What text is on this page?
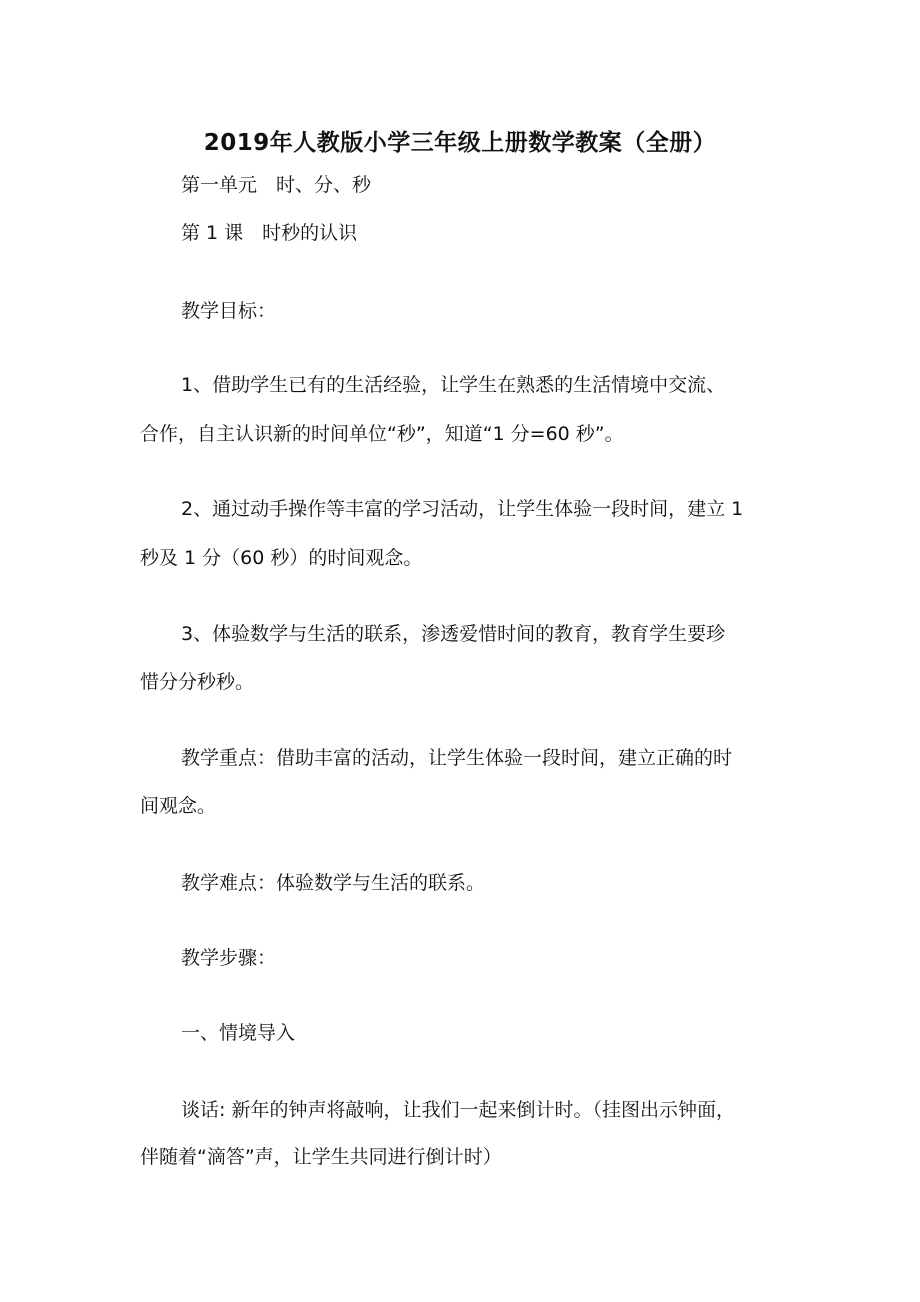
2019年人教版小学三年级上册数学教案（全册）
第一单元　时、分、秒
第 1 课　时秒的认识
教学目标：
1、借助学生已有的生活经验，让学生在熟悉的生活情境中交流、
合作，自主认识新的时间单位“秒”，知道“1 分=60 秒”。
2、通过动手操作等丰富的学习活动，让学生体验一段时间，建立 1
秒及 1 分（60 秒）的时间观念。
3、体验数学与生活的联系，渗透爱惜时间的教育，教育学生要珍
惜分分秒秒。
教学重点：借助丰富的活动，让学生体验一段时间，建立正确的时
间观念。
教学难点：体验数学与生活的联系。
教学步骤：
一、情境导入
谈话: 新年的钟声将敲响，让我们一起来倒计时。（挂图出示钟面，
伴随着“滴答”声，让学生共同进行倒计时）
